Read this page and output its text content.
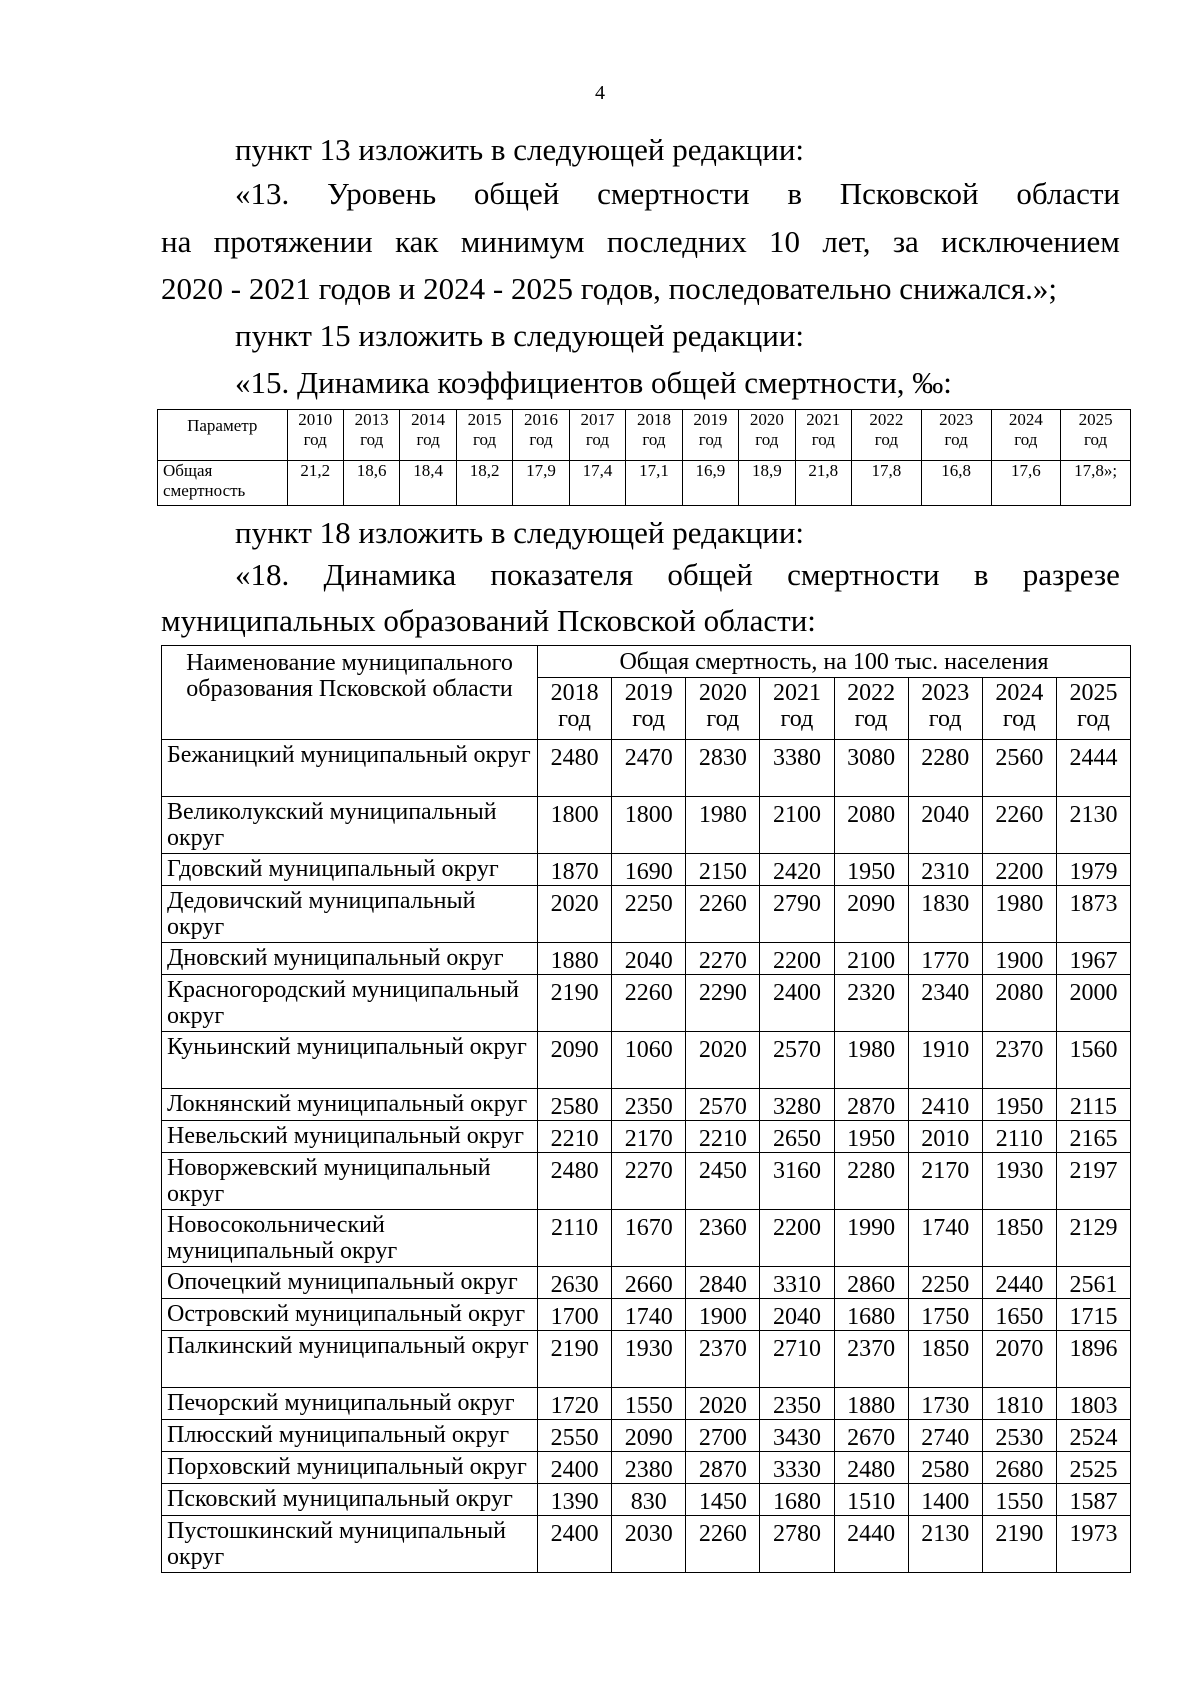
4
пункт 13 изложить в следующей редакции:
«13. Уровень общей смертности в Псковской области
на протяжении как минимум последних 10 лет, за исключением
2020 - 2021 годов и 2024 - 2025 годов, последовательно снижался.»;
пункт 15 изложить в следующей редакции:
«15. Динамика коэффициентов общей смертности, ‰:
Параметр	2010 год	2013 год	2014 год	2015 год	2016 год	2017 год	2018 год	2019 год	2020 год	2021 год	2022 год	2023 год	2024 год	2025 год
Общая смертность	21,2	18,6	18,4	18,2	17,9	17,4	17,1	16,9	18,9	21,8	17,8	16,8	17,6	17,8»;
пункт 18 изложить в следующей редакции:
«18. Динамика показателя общей смертности в разрезе
муниципальных образований Псковской области:
Наименование муниципального образования Псковской области	Общая смертность, на 100 тыс. населения							
	2018 год	2019 год	2020 год	2021 год	2022 год	2023 год	2024 год	2025 год
Бежаницкий муниципальный округ	2480	2470	2830	3380	3080	2280	2560	2444
Великолукский муниципальный округ	1800	1800	1980	2100	2080	2040	2260	2130
Гдовский муниципальный округ	1870	1690	2150	2420	1950	2310	2200	1979
Дедовичский муниципальный округ	2020	2250	2260	2790	2090	1830	1980	1873
Дновский муниципальный округ	1880	2040	2270	2200	2100	1770	1900	1967
Красногородский муниципальный округ	2190	2260	2290	2400	2320	2340	2080	2000
Куньинский муниципальный округ	2090	1060	2020	2570	1980	1910	2370	1560
Локнянский муниципальный округ	2580	2350	2570	3280	2870	2410	1950	2115
Невельский муниципальный округ	2210	2170	2210	2650	1950	2010	2110	2165
Новоржевский муниципальный округ	2480	2270	2450	3160	2280	2170	1930	2197
Новосокольнический муниципальный округ	2110	1670	2360	2200	1990	1740	1850	2129
Опочецкий муниципальный округ	2630	2660	2840	3310	2860	2250	2440	2561
Островский муниципальный округ	1700	1740	1900	2040	1680	1750	1650	1715
Палкинский муниципальный округ	2190	1930	2370	2710	2370	1850	2070	1896
Печорский муниципальный округ	1720	1550	2020	2350	1880	1730	1810	1803
Плюсский муниципальный округ	2550	2090	2700	3430	2670	2740	2530	2524
Порховский муниципальный округ	2400	2380	2870	3330	2480	2580	2680	2525
Псковский муниципальный округ	1390	830	1450	1680	1510	1400	1550	1587
Пустошкинский муниципальный округ	2400	2030	2260	2780	2440	2130	2190	1973
